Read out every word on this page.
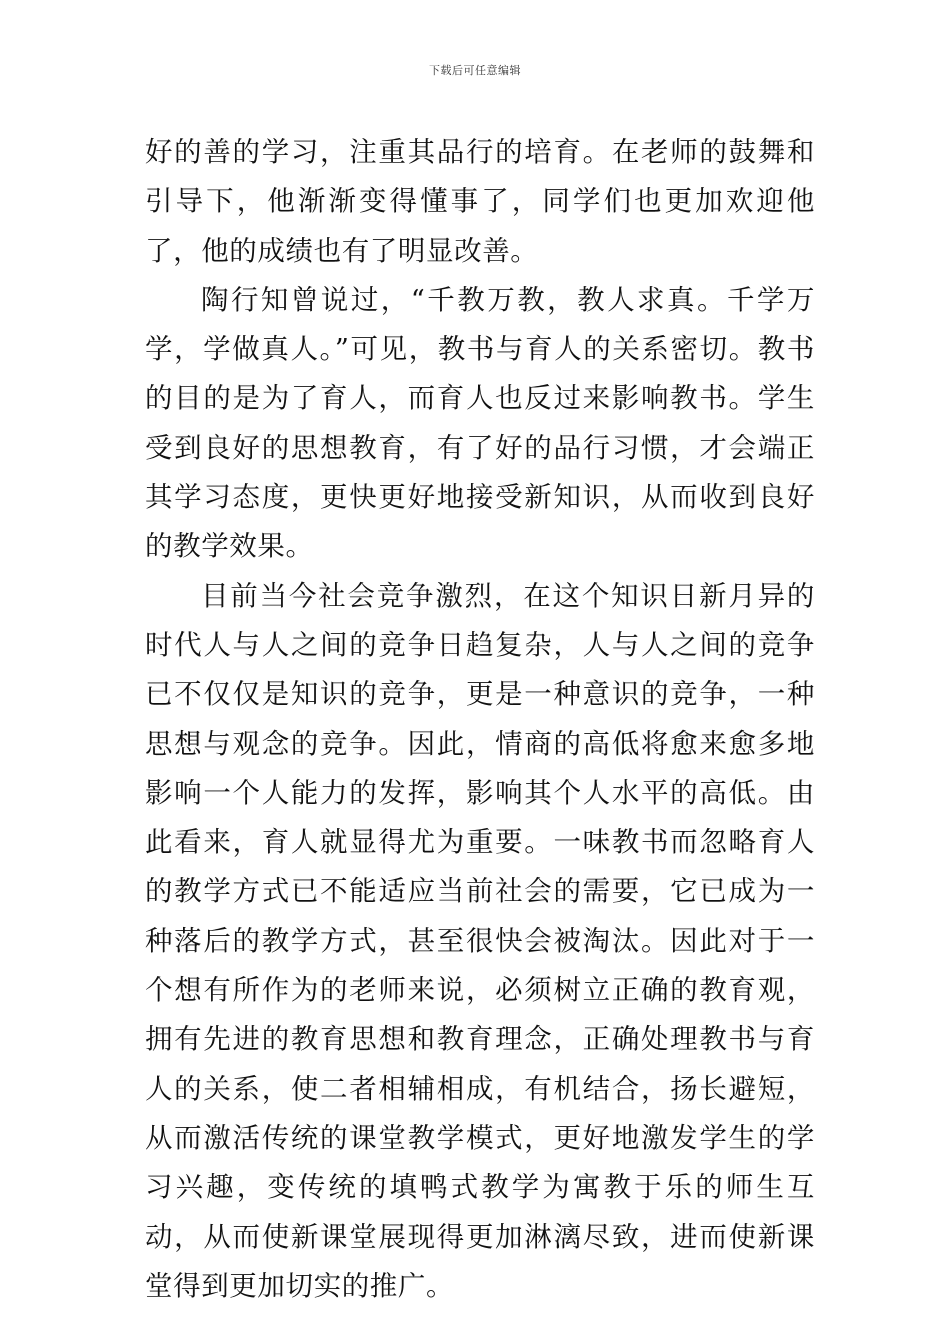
下载后可任意编辑

好的善的学习，注重其品行的培育。在老师的鼓舞和引导下，他渐渐变得懂事了，同学们也更加欢迎他了，他的成绩也有了明显改善。

陶行知曾说过，“千教万教，教人求真。千学万学，学做真人。”可见，教书与育人的关系密切。教书的目的是为了育人，而育人也反过来影响教书。学生受到良好的思想教育，有了好的品行习惯，才会端正其学习态度，更快更好地接受新知识，从而收到良好的教学效果。

目前当今社会竞争激烈，在这个知识日新月异的时代人与人之间的竞争日趋复杂，人与人之间的竞争已不仅仅是知识的竞争，更是一种意识的竞争，一种思想与观念的竞争。因此，情商的高低将愈来愈多地影响一个人能力的发挥，影响其个人水平的高低。由此看来，育人就显得尤为重要。一味教书而忽略育人的教学方式已不能适应当前社会的需要，它已成为一种落后的教学方式，甚至很快会被淘汰。因此对于一个想有所作为的老师来说，必须树立正确的教育观，拥有先进的教育思想和教育理念，正确处理教书与育人的关系，使二者相辅相成，有机结合，扬长避短，从而激活传统的课堂教学模式，更好地激发学生的学习兴趣，变传统的填鸭式教学为寓教于乐的师生互动，从而使新课堂展现得更加淋漓尽致，进而使新课堂得到更加切实的推广。
